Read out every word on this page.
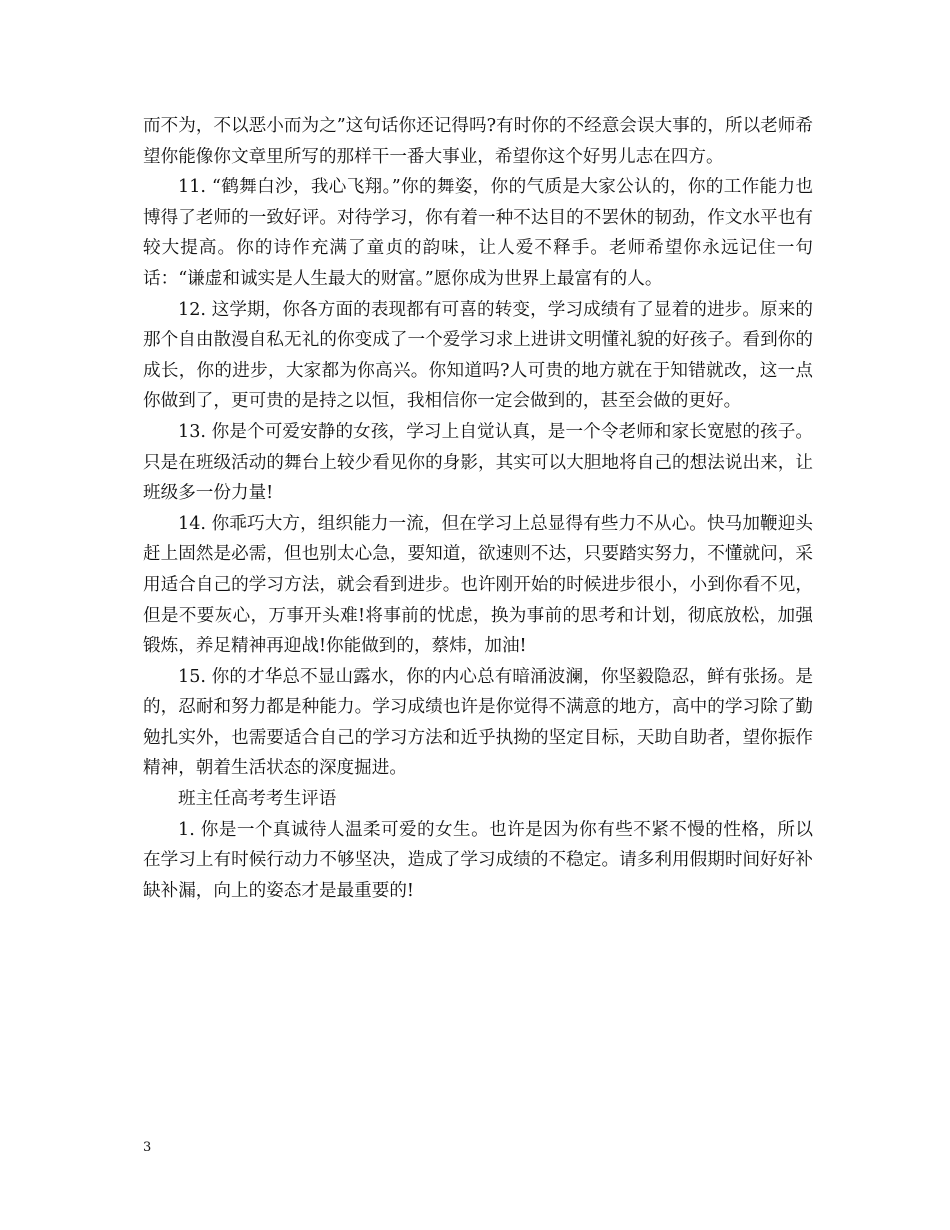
而不为，不以恶小而为之”这句话你还记得吗?有时你的不经意会误大事的，所以老师希望你能像你文章里所写的那样干一番大事业，希望你这个好男儿志在四方。

11. “鹤舞白沙，我心飞翔。”你的舞姿，你的气质是大家公认的，你的工作能力也博得了老师的一致好评。对待学习，你有着一种不达目的不罢休的韧劲，作文水平也有较大提高。你的诗作充满了童贞的韵味，让人爱不释手。老师希望你永远记住一句话：“谦虚和诚实是人生最大的财富。”愿你成为世界上最富有的人。

12. 这学期，你各方面的表现都有可喜的转变，学习成绩有了显着的进步。原来的那个自由散漫自私无礼的你变成了一个爱学习求上进讲文明懂礼貌的好孩子。看到你的成长，你的进步，大家都为你高兴。你知道吗?人可贵的地方就在于知错就改，这一点你做到了，更可贵的是持之以恒，我相信你一定会做到的，甚至会做的更好。

13. 你是个可爱安静的女孩，学习上自觉认真，是一个令老师和家长宽慰的孩子。只是在班级活动的舞台上较少看见你的身影，其实可以大胆地将自己的想法说出来，让班级多一份力量!

14. 你乖巧大方，组织能力一流，但在学习上总显得有些力不从心。快马加鞭迎头赶上固然是必需，但也别太心急，要知道，欲速则不达，只要踏实努力，不懂就问，采用适合自己的学习方法，就会看到进步。也许刚开始的时候进步很小，小到你看不见，但是不要灰心，万事开头难!将事前的忧虑，换为事前的思考和计划，彻底放松，加强锻炼，养足精神再迎战!你能做到的，蔡炜，加油!

15. 你的才华总不显山露水，你的内心总有暗涌波澜，你坚毅隐忍，鲜有张扬。是的，忍耐和努力都是种能力。学习成绩也许是你觉得不满意的地方，高中的学习除了勤勉扎实外，也需要适合自己的学习方法和近乎执拗的坚定目标，天助自助者，望你振作精神，朝着生活状态的深度掘进。

班主任高考考生评语

1. 你是一个真诚待人温柔可爱的女生。也许是因为你有些不紧不慢的性格，所以在学习上有时候行动力不够坚决，造成了学习成绩的不稳定。请多利用假期时间好好补缺补漏，向上的姿态才是最重要的!

3
